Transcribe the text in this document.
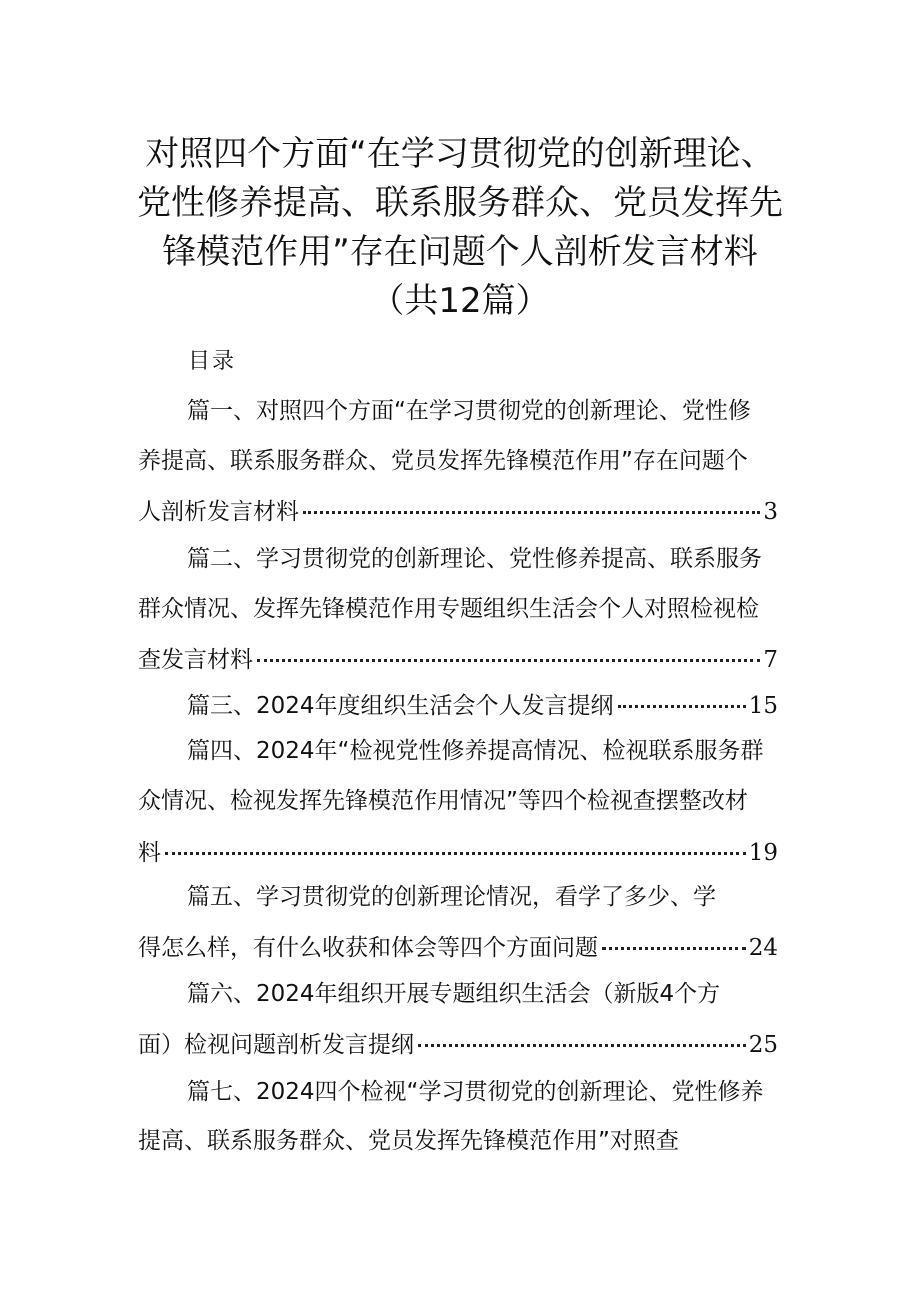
对照四个方面“在学习贯彻党的创新理论、
党性修养提高、联系服务群众、党员发挥先
锋模范作用”存在问题个人剖析发言材料
（共12篇）
目录
篇一、对照四个方面“在学习贯彻党的创新理论、党性修
养提高、联系服务群众、党员发挥先锋模范作用”存在问题个
人剖析发言材料	3
篇二、学习贯彻党的创新理论、党性修养提高、联系服务
群众情况、发挥先锋模范作用专题组织生活会个人对照检视检
查发言材料	7
篇三、2024年度组织生活会个人发言提纲	15
篇四、2024年“检视党性修养提高情况、检视联系服务群
众情况、检视发挥先锋模范作用情况”等四个检视查摆整改材
料	19
篇五、学习贯彻党的创新理论情况，看学了多少、学
得怎么样，有什么收获和体会等四个方面问题	24
篇六、2024年组织开展专题组织生活会（新版4个方
面）检视问题剖析发言提纲	25
篇七、2024四个检视“学习贯彻党的创新理论、党性修养
提高、联系服务群众、党员发挥先锋模范作用”对照查
